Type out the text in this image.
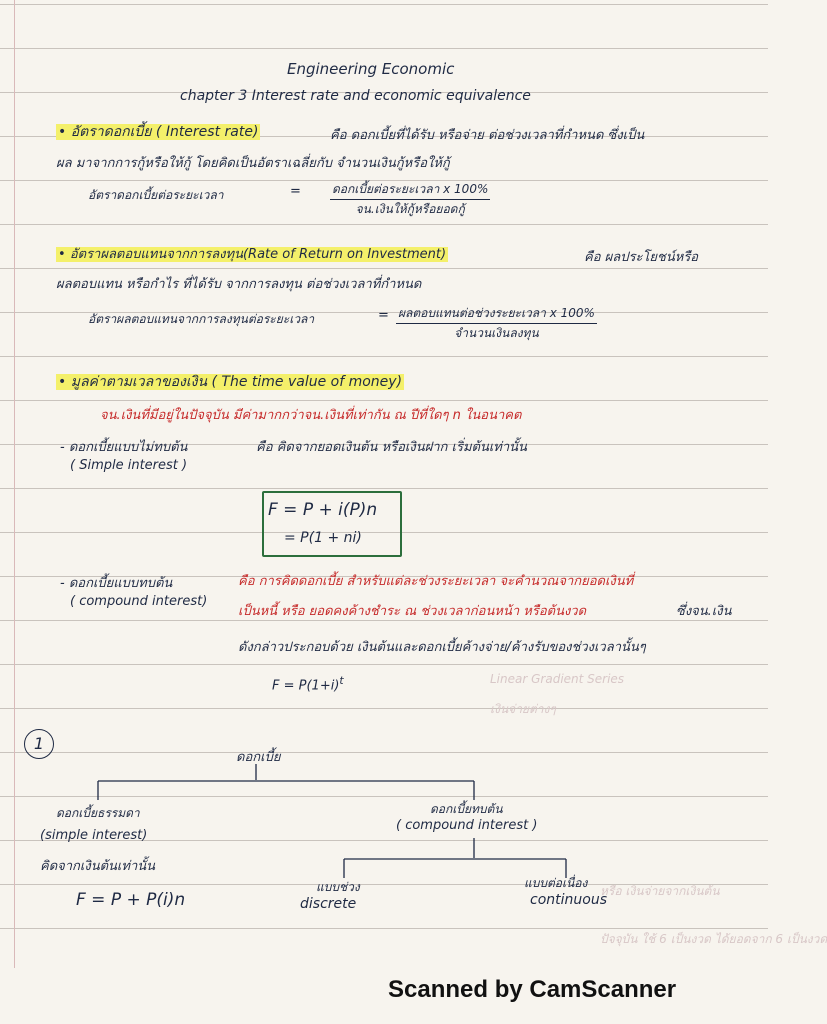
Linear Gradient Series
เงินจ่ายต่างๆ
หรือ เงินจ่ายจากเงินต้น
ปัจจุบัน ใช้ 6 เป็นงวด ได้ยอดจาก 6 เป็นงวด
Engineering Economic
chapter 3 Interest rate and economic equivalence
• อัตราดอกเบี้ย ( Interest rate)	คือ ดอกเบี้ยที่ได้รับ หรือจ่าย ต่อช่วงเวลาที่กำหนด ซึ่งเป็น
ผล มาจากการกู้หรือให้กู้ โดยคิดเป็นอัตราเฉลี่ยกับ จำนวนเงินกู้หรือให้กู้
อัตราดอกเบี้ยต่อระยะเวลา	=	ดอกเบี้ยต่อระยะเวลา x 100%
จน.เงินให้กู้หรือยอดกู้
• อัตราผลตอบแทนจากการลงทุน(Rate of Return on Investment)	คือ ผลประโยชน์หรือ
ผลตอบแทน หรือกำไร ที่ได้รับ จากการลงทุน ต่อช่วงเวลาที่กำหนด
อัตราผลตอบแทนจากการลงทุนต่อระยะเวลา	= ผลตอบแทนต่อช่วงระยะเวลา x 100%
จำนวนเงินลงทุน
• มูลค่าตามเวลาของเงิน ( The time value of money)
จน.เงินที่มีอยู่ในปัจจุบัน มีค่ามากกว่าจน.เงินที่เท่ากัน ณ ปีที่ใดๆ n ในอนาคต
- ดอกเบี้ยแบบไม่ทบต้น	คือ คิดจากยอดเงินต้น หรือเงินฝาก เริ่มต้นเท่านั้น
( Simple interest )
F = P + i(P)n
= P(1 + ni)
- ดอกเบี้ยแบบทบต้น
( compound interest)
คือ การคิดดอกเบี้ย สำหรับแต่ละช่วงระยะเวลา จะคำนวณจากยอดเงินที่
เป็นหนี้ หรือ ยอดคงค้างชำระ ณ ช่วงเวลาก่อนหน้า หรือต้นงวด	ซึ่งจน.เงิน
ดังกล่าวประกอบด้วย เงินต้นและดอกเบี้ยค้างจ่าย/ค้างรับของช่วงเวลานั้นๆ
$F = P(1+i)^t$
1
ดอกเบี้ย
ดอกเบี้ยธรรมดา
(simple interest)
คิดจากเงินต้นเท่านั้น
F = P + P(i)n
ดอกเบี้ยทบต้น
( compound interest )
แบบช่วง
discrete
แบบต่อเนื่อง
continuous
Scanned by CamScanner
